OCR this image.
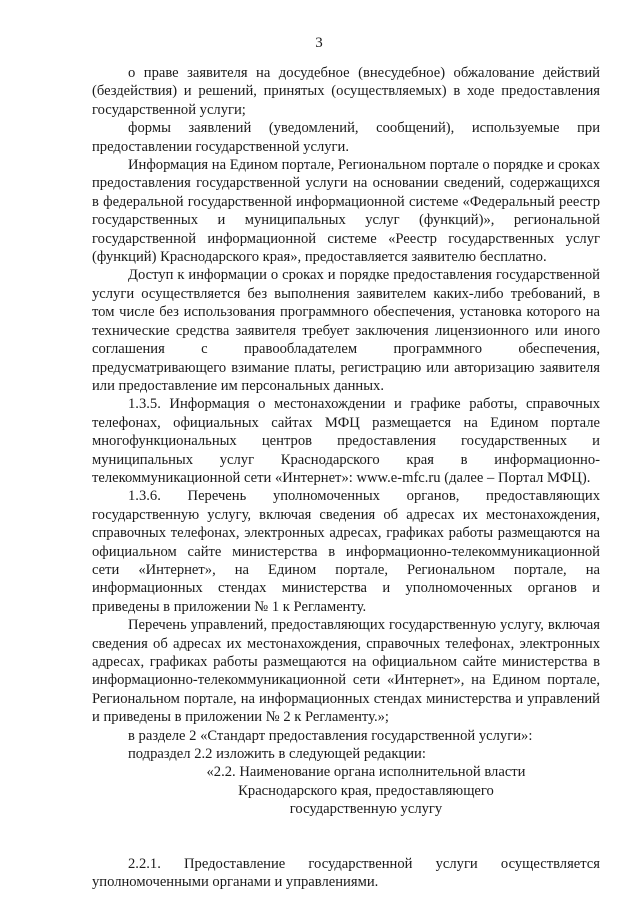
3

о праве заявителя на досудебное (внесудебное) обжалование действий (бездействия) и решений, принятых (осуществляемых) в ходе предоставления государственной услуги;

формы заявлений (уведомлений, сообщений), используемые при предоставлении государственной услуги.

Информация на Едином портале, Региональном портале о порядке и сроках предоставления государственной услуги на основании сведений, содержащихся в федеральной государственной информационной системе «Федеральный реестр государственных и муниципальных услуг (функций)», региональной государственной информационной системе «Реестр государственных услуг (функций) Краснодарского края», предоставляется заявителю бесплатно.

Доступ к информации о сроках и порядке предоставления государственной услуги осуществляется без выполнения заявителем каких-либо требований, в том числе без использования программного обеспечения, установка которого на технические средства заявителя требует заключения лицензионного или иного соглашения с правообладателем программного обеспечения, предусматривающего взимание платы, регистрацию или авторизацию заявителя или предоставление им персональных данных.

1.3.5. Информация о местонахождении и графике работы, справочных телефонах, официальных сайтах МФЦ размещается на Едином портале многофункциональных центров предоставления государственных и муниципальных услуг Краснодарского края в информационно-телекоммуникационной сети «Интернет»: www.e-mfc.ru (далее – Портал МФЦ).

1.3.6. Перечень уполномоченных органов, предоставляющих государственную услугу, включая сведения об адресах их местонахождения, справочных телефонах, электронных адресах, графиках работы размещаются на официальном сайте министерства в информационно-телекоммуникационной сети «Интернет», на Едином портале, Региональном портале, на информационных стендах министерства и уполномоченных органов и приведены в приложении № 1 к Регламенту.

Перечень управлений, предоставляющих государственную услугу, включая сведения об адресах их местонахождения, справочных телефонах, электронных адресах, графиках работы размещаются на официальном сайте министерства в информационно-телекоммуникационной сети «Интернет», на Едином портале, Региональном портале, на информационных стендах министерства и управлений и приведены в приложении № 2 к Регламенту.»;

в разделе 2 «Стандарт предоставления государственной услуги»:

подраздел 2.2 изложить в следующей редакции:

«2.2. Наименование органа исполнительной власти

Краснодарского края, предоставляющего

государственную услугу

2.2.1. Предоставление государственной услуги осуществляется уполномоченными органами и управлениями.
